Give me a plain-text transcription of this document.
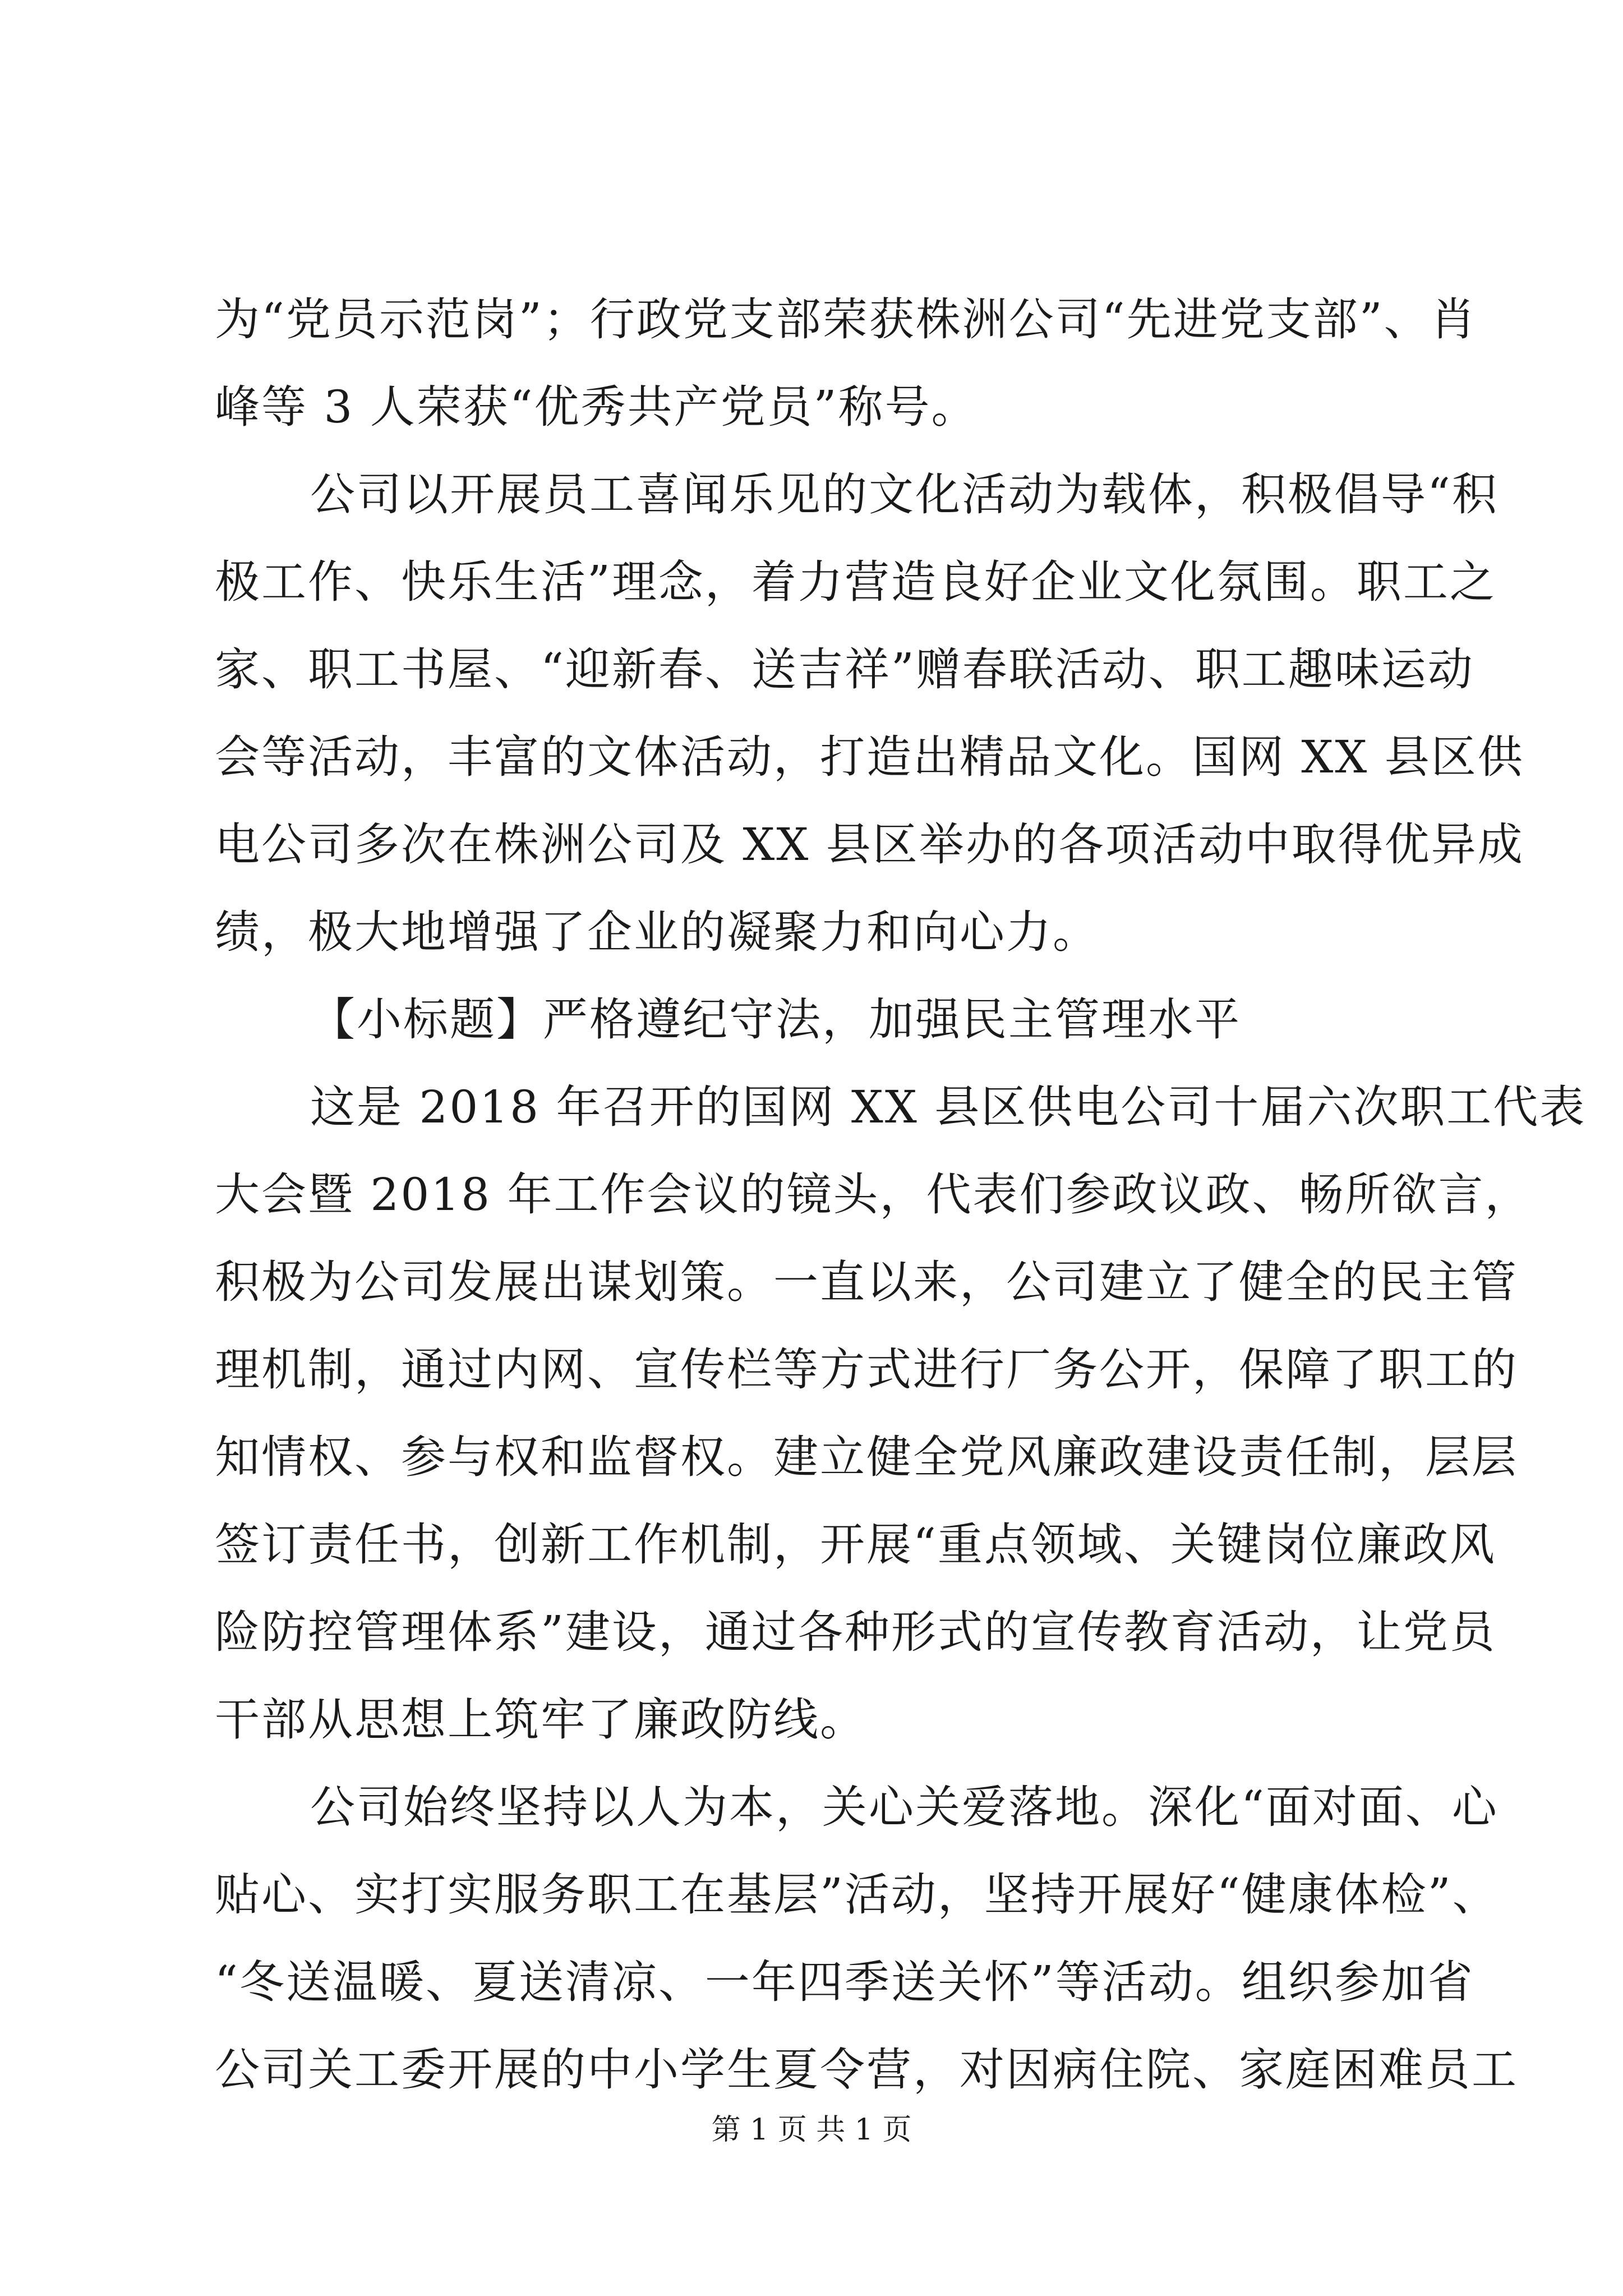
为“党员示范岗”；行政党支部荣获株洲公司“先进党支部”、肖
峰等 3 人荣获“优秀共产党员”称号。
公司以开展员工喜闻乐见的文化活动为载体，积极倡导“积
极工作、快乐生活”理念，着力营造良好企业文化氛围。职工之
家、职工书屋、“迎新春、送吉祥”赠春联活动、职工趣味运动
会等活动，丰富的文体活动，打造出精品文化。国网 XX 县区供
电公司多次在株洲公司及 XX 县区举办的各项活动中取得优异成
绩，极大地增强了企业的凝聚力和向心力。
【小标题】严格遵纪守法，加强民主管理水平
这是 2018 年召开的国网 XX 县区供电公司十届六次职工代表
大会暨 2018 年工作会议的镜头，代表们参政议政、畅所欲言，
积极为公司发展出谋划策。一直以来，公司建立了健全的民主管
理机制，通过内网、宣传栏等方式进行厂务公开，保障了职工的
知情权、参与权和监督权。建立健全党风廉政建设责任制，层层
签订责任书，创新工作机制，开展“重点领域、关键岗位廉政风
险防控管理体系”建设，通过各种形式的宣传教育活动，让党员
干部从思想上筑牢了廉政防线。
公司始终坚持以人为本，关心关爱落地。深化“面对面、心
贴心、实打实服务职工在基层”活动，坚持开展好“健康体检”、
“冬送温暖、夏送清凉、一年四季送关怀”等活动。组织参加省
公司关工委开展的中小学生夏令营，对因病住院、家庭困难员工
第 1 页 共 1 页
